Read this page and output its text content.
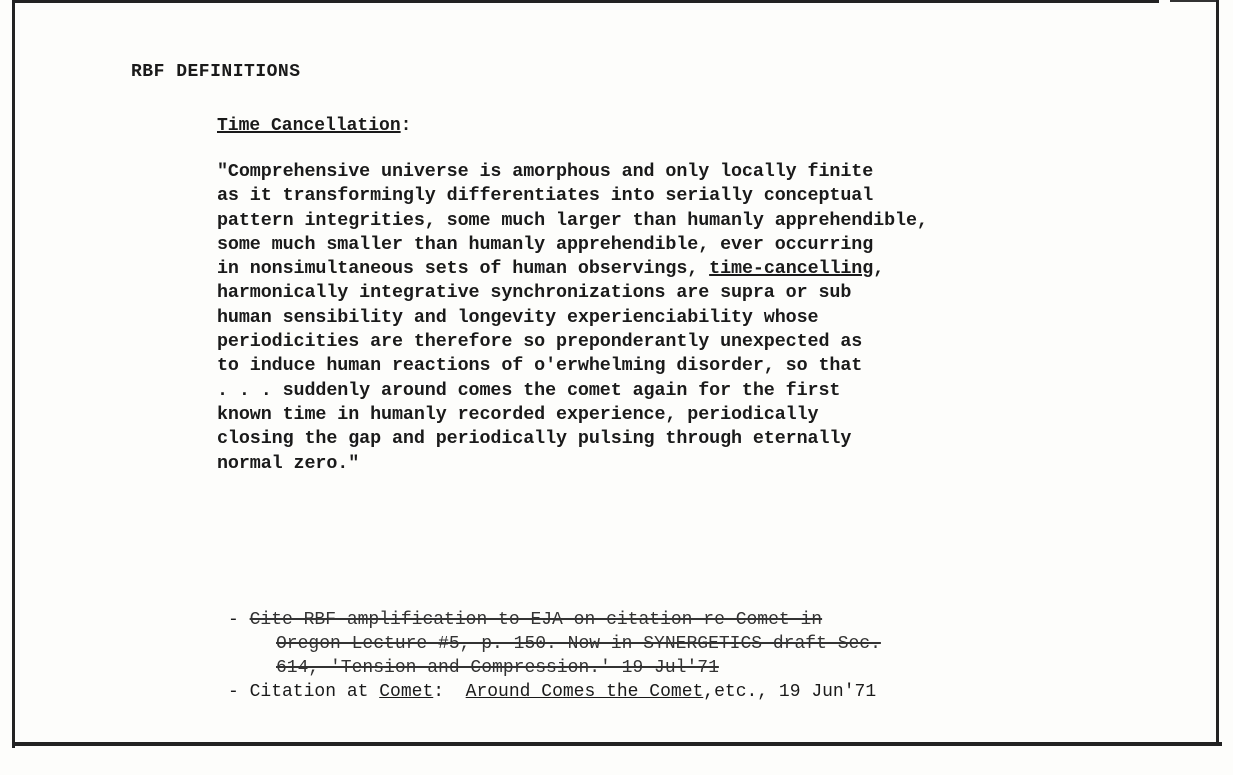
RBF DEFINITIONS
Time Cancellation:
"Comprehensive universe is amorphous and only locally finite
as it transformingly differentiates into serially conceptual
pattern integrities, some much larger than humanly apprehendible,
some much smaller than humanly apprehendible, ever occurring
in nonsimultaneous sets of human observings, time-cancelling,
harmonically integrative synchronizations are supra or sub
human sensibility and longevity experienciability whose
periodicities are therefore so preponderantly unexpected as
to induce human reactions of o'erwhelming disorder, so that
. . . suddenly around comes the comet again for the first
known time in humanly recorded experience, periodically
closing the gap and periodically pulsing through eternally
normal zero."
- Cite RBF amplification to EJA on citation re Comet in
Oregon Lecture #5, p. 150. Now in SYNERGETICS draft Sec.
614, 'Tension and Compression.' 19 Jul'71
- Citation at Comet:  Around Comes the Comet,etc., 19 Jun'71
